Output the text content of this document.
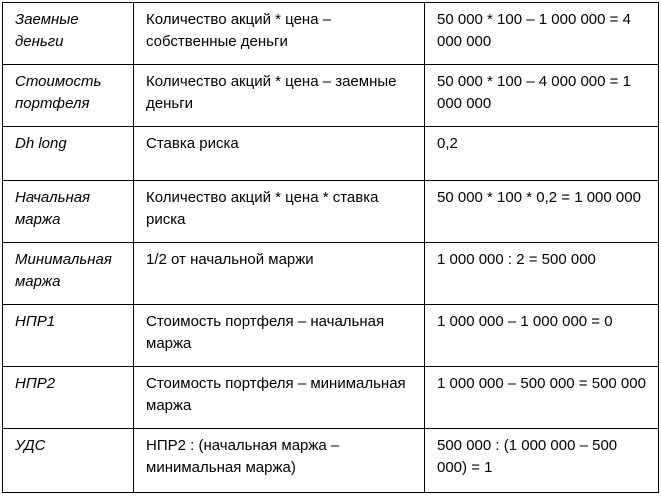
Заемные деньги	Количество акций * цена – собственные деньги	50 000 * 100 – 1 000 000 = 4 000 000
Стоимость портфеля	Количество акций * цена – заемные деньги	50 000 * 100 – 4 000 000 = 1 000 000
Dh long	Ставка риска	0,2
Начальная маржа	Количество акций * цена * ставка риска	50 000 * 100 * 0,2 = 1 000 000
Минимальная маржа	1/2 от начальной маржи	1 000 000 : 2 = 500 000
НПР1	Стоимость портфеля – начальная маржа	1 000 000 – 1 000 000 = 0
НПР2	Стоимость портфеля – минимальная маржа	1 000 000 – 500 000 = 500 000
УДС	НПР2 : (начальная маржа – минимальная маржа)	500 000 : (1 000 000 – 500 000) = 1
